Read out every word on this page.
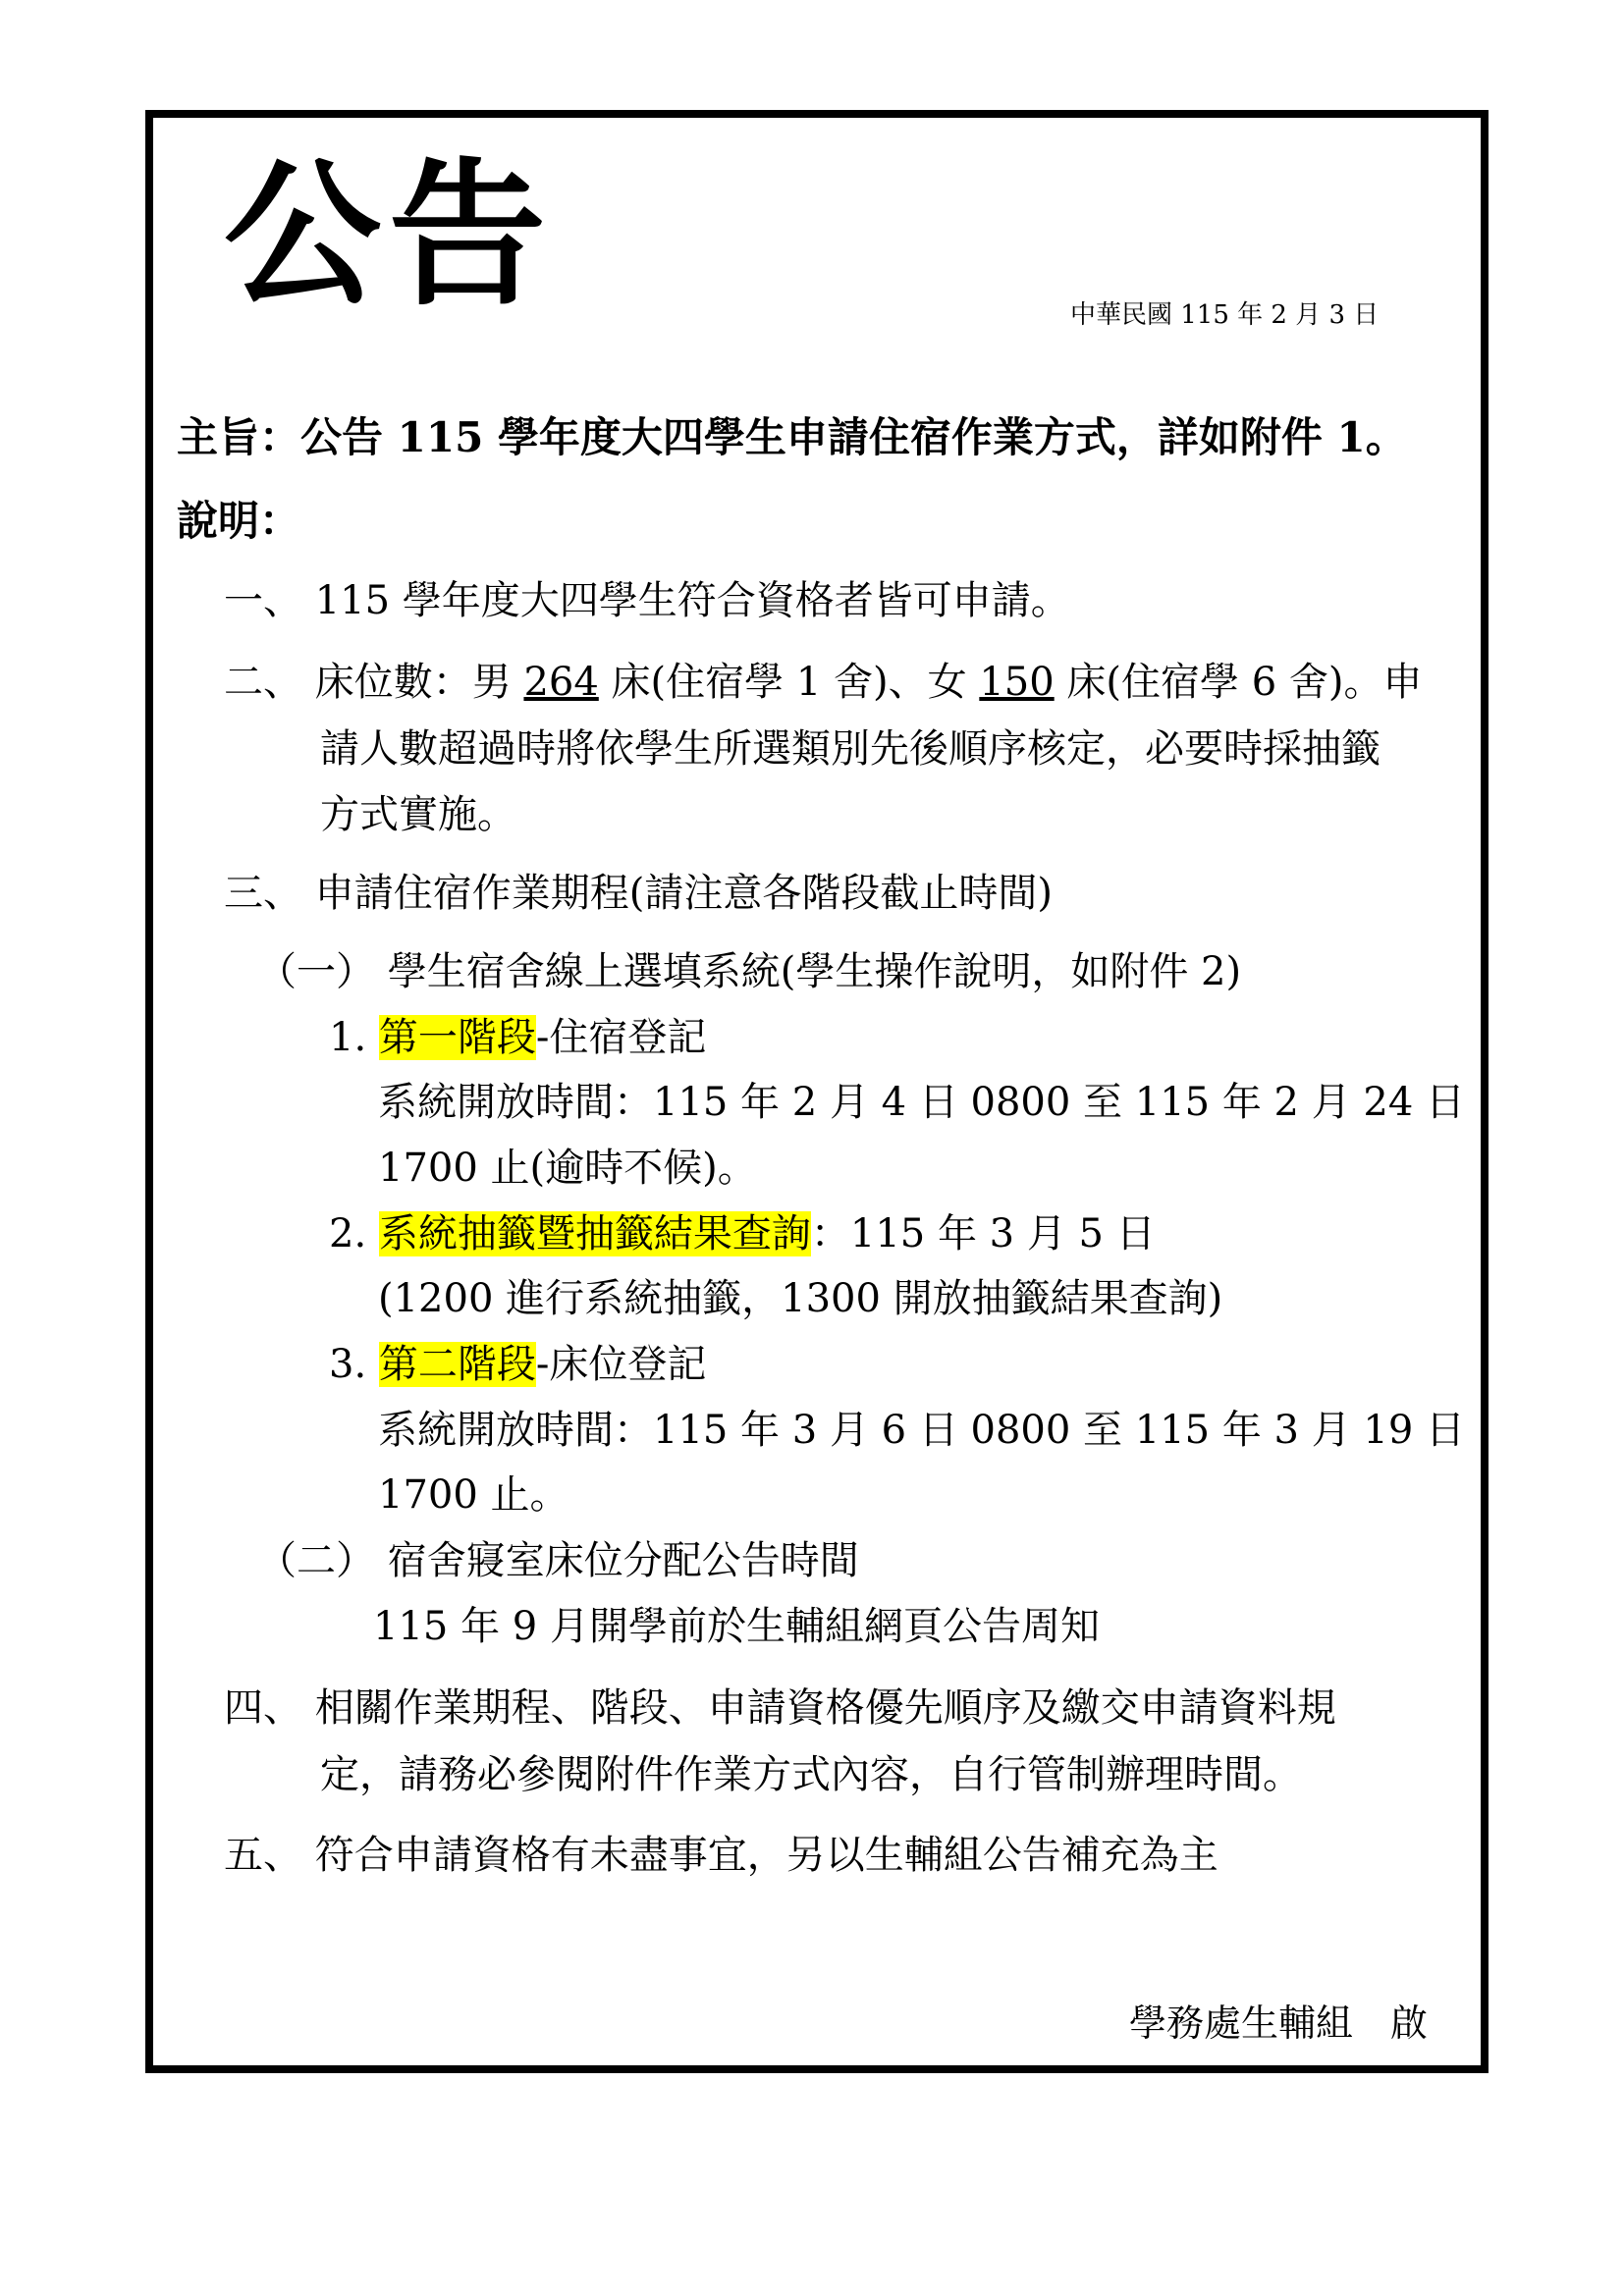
公告	中華民國 115 年 2 月 3 日
主旨：公告 115 學年度大四學生申請住宿作業方式，詳如附件 1。
說明：
一、 115 學年度大四學生符合資格者皆可申請。
二、 床位數：男 264 床(住宿學 1 舍)、女 150 床(住宿學 6 舍)。申
請人數超過時將依學生所選類別先後順序核定，必要時採抽籤
方式實施。
三、 申請住宿作業期程(請注意各階段截止時間)
（一） 學生宿舍線上選填系統(學生操作說明，如附件 2)
1. 第一階段-住宿登記
系統開放時間：115 年 2 月 4 日 0800 至 115 年 2 月 24 日
1700 止(逾時不候)。
2. 系統抽籤暨抽籤結果查詢：115 年 3 月 5 日
(1200 進行系統抽籤，1300 開放抽籤結果查詢)
3. 第二階段-床位登記
系統開放時間：115 年 3 月 6 日 0800 至 115 年 3 月 19 日
1700 止。
（二） 宿舍寢室床位分配公告時間
115 年 9 月開學前於生輔組網頁公告周知
四、 相關作業期程、階段、申請資格優先順序及繳交申請資料規
定，請務必參閱附件作業方式內容，自行管制辦理時間。
五、 符合申請資格有未盡事宜，另以生輔組公告補充為主
學務處生輔組　啟
